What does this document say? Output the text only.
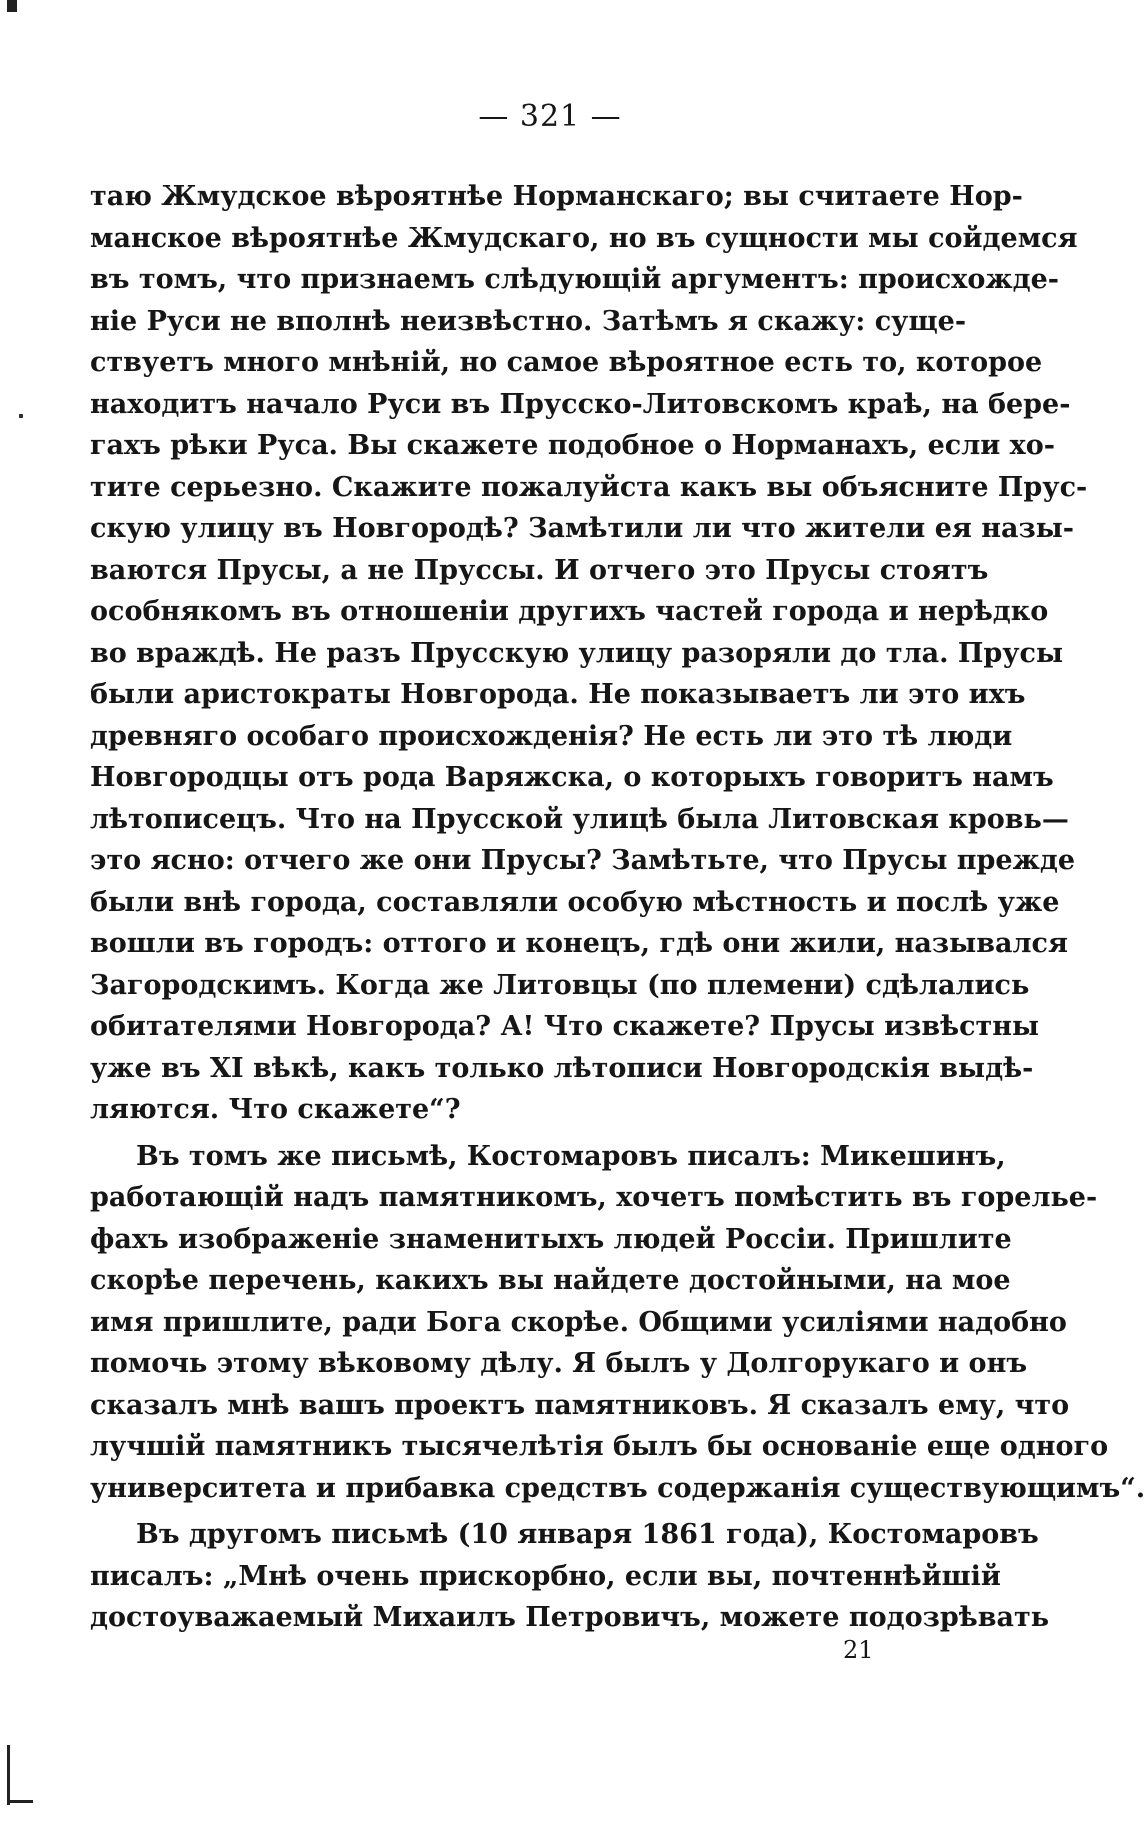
— 321 —
таю Жмудское вѣроятнѣе Норманскаго; вы считаете Нор-
манское вѣроятнѣе Жмудскаго, но въ сущности мы сойдемся
въ томъ, что признаемъ слѣдующій аргументъ: происхожде-
ніе Руси не вполнѣ неизвѣстно. Затѣмъ я скажу: суще-
ствуетъ много мнѣній, но самое вѣроятное есть то, которое
находитъ начало Руси въ Прусско-Литовскомъ краѣ, на бере-
гахъ рѣки Руса. Вы скажете подобное о Норманахъ, если хо-
тите серьезно. Скажите пожалуйста какъ вы объясните Прус-
скую улицу въ Новгородѣ? Замѣтили ли что жители ея назы-
ваются Прусы, а не Пруссы. И отчего это Прусы стоятъ
особнякомъ въ отношеніи другихъ частей города и нерѣдко
во враждѣ. Не разъ Прусскую улицу разоряли до тла. Прусы
были аристократы Новгорода. Не показываетъ ли это ихъ
древняго особаго происхожденія? Не есть ли это тѣ люди
Новгородцы отъ рода Варяжска, о которыхъ говоритъ намъ
лѣтописецъ. Что на Прусской улицѣ была Литовская кровь—
это ясно: отчего же они Прусы? Замѣтьте, что Прусы прежде
были внѣ города, составляли особую мѣстность и послѣ уже
вошли въ городъ: оттого и конецъ, гдѣ они жили, назывался
Загородскимъ. Когда же Литовцы (по племени) сдѣлались
обитателями Новгорода? А! Что скажете? Прусы извѣстны
уже въ XI вѣкѣ, какъ только лѣтописи Новгородскія выдѣ-
ляются. Что скажете“?
Въ томъ же письмѣ, Костомаровъ писалъ: Микешинъ,
работающій надъ памятникомъ, хочетъ помѣстить въ горелье-
фахъ изображеніе знаменитыхъ людей Россіи. Пришлите
скорѣе перечень, какихъ вы найдете достойными, на мое
имя пришлите, ради Бога скорѣе. Общими усиліями надобно
помочь этому вѣковому дѣлу. Я былъ у Долгорукаго и онъ
сказалъ мнѣ вашъ проектъ памятниковъ. Я сказалъ ему, что
лучшій памятникъ тысячелѣтія былъ бы основаніе еще одного
университета и прибавка средствъ содержанія существующимъ“.
Въ другомъ письмѣ (10 января 1861 года), Костомаровъ
писалъ: „Мнѣ очень прискорбно, если вы, почтеннѣйшій
достоуважаемый Михаилъ Петровичъ, можете подозрѣвать
21
